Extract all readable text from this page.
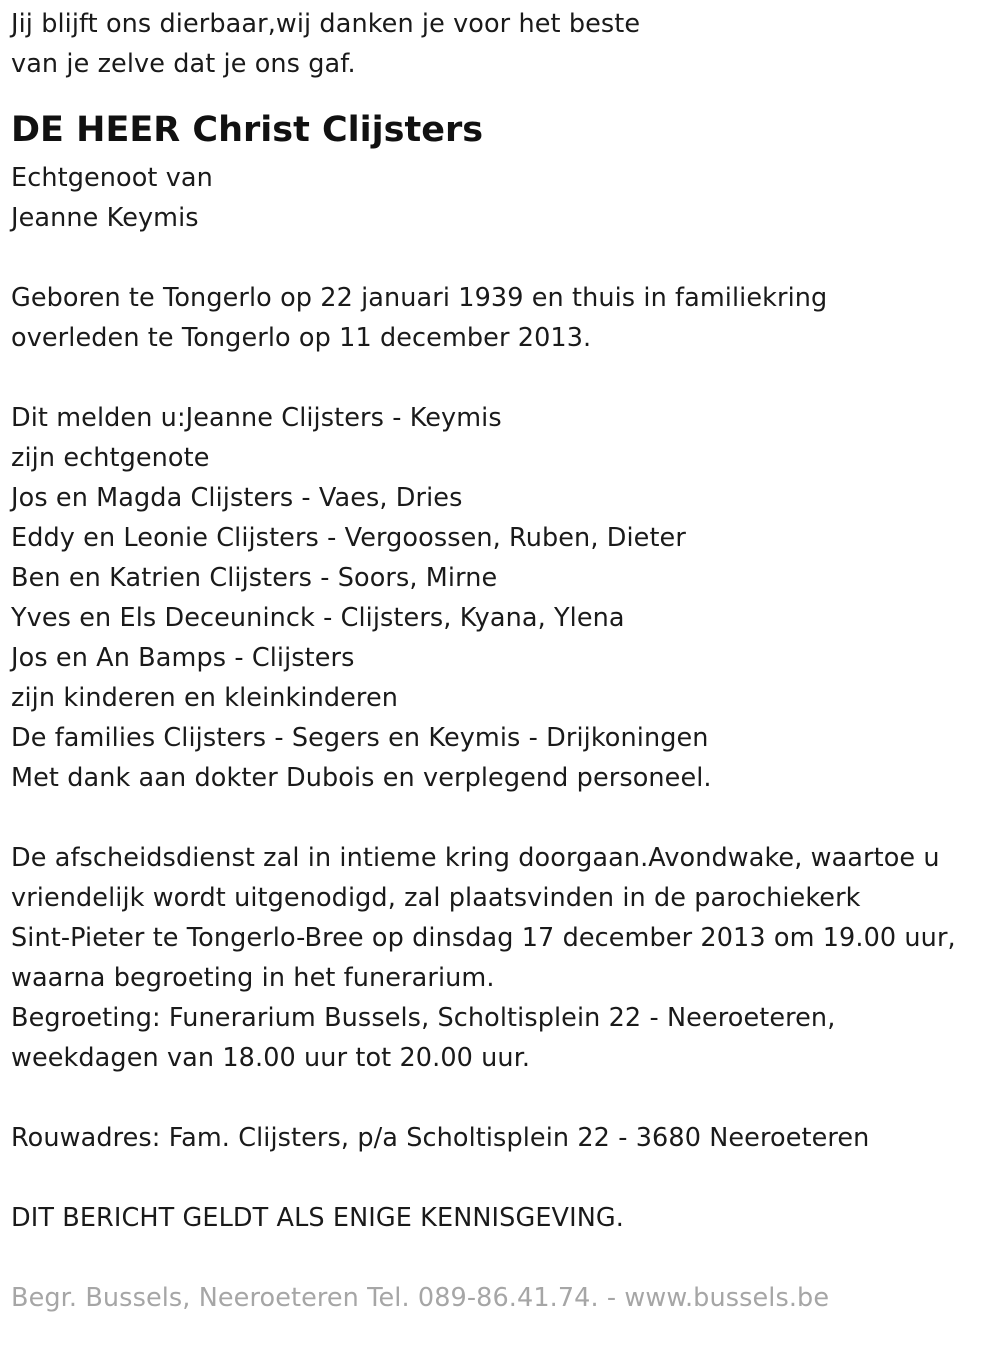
Jij blijft ons dierbaar,wij danken je voor het beste
van je zelve dat je ons gaf.
DE HEER Christ Clijsters
Echtgenoot van
Jeanne Keymis
Geboren te Tongerlo op 22 januari 1939 en thuis in familiekring
overleden te Tongerlo op 11 december 2013.
Dit melden u:Jeanne Clijsters - Keymis
zijn echtgenote
Jos en Magda Clijsters - Vaes, Dries
Eddy en Leonie Clijsters - Vergoossen, Ruben, Dieter
Ben en Katrien Clijsters - Soors, Mirne
Yves en Els Deceuninck - Clijsters, Kyana, Ylena
Jos en An Bamps - Clijsters
zijn kinderen en kleinkinderen
De families Clijsters - Segers en Keymis - Drijkoningen
Met dank aan dokter Dubois en verplegend personeel.
De afscheidsdienst zal in intieme kring doorgaan.Avondwake, waartoe u
vriendelijk wordt uitgenodigd, zal plaatsvinden in de parochiekerk
Sint-Pieter te Tongerlo-Bree op dinsdag 17 december 2013 om 19.00 uur,
waarna begroeting in het funerarium.
Begroeting: Funerarium Bussels, Scholtisplein 22 - Neeroeteren,
weekdagen van 18.00 uur tot 20.00 uur.
Rouwadres: Fam. Clijsters, p/a Scholtisplein 22 - 3680 Neeroeteren
DIT BERICHT GELDT ALS ENIGE KENNISGEVING.
Begr. Bussels, Neeroeteren Tel. 089-86.41.74. - www.bussels.be
